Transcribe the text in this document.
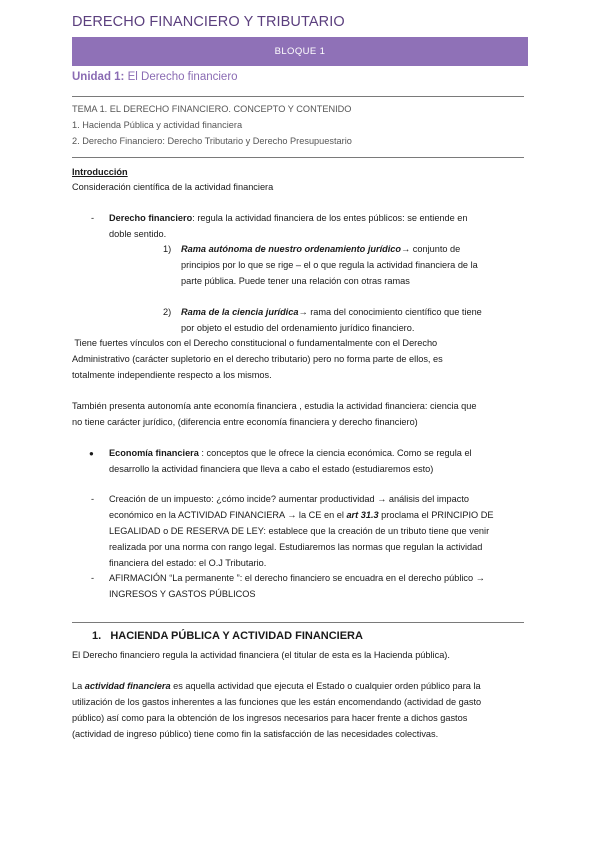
DERECHO FINANCIERO Y TRIBUTARIO
BLOQUE 1
Unidad 1: El Derecho financiero
TEMA 1. EL DERECHO FINANCIERO. CONCEPTO Y CONTENIDO
1. Hacienda Pública y actividad financiera
2. Derecho Financiero: Derecho Tributario y Derecho Presupuestario
Introducción
Consideración científica de la actividad financiera
- Derecho financiero: regula la actividad financiera de los entes públicos: se entiende en
doble sentido.
1) Rama autónoma de nuestro ordenamiento jurídico→ conjunto de
principios por lo que se rige – el o que regula la actividad financiera de la
parte pública. Puede tener una relación con otras ramas
2) Rama de la ciencia jurídica→ rama del conocimiento científico que tiene
por objeto el estudio del ordenamiento jurídico financiero.
Tiene fuertes vínculos con el Derecho constitucional o fundamentalmente con el Derecho
Administrativo (carácter supletorio en el derecho tributario) pero no forma parte de ellos, es
totalmente independiente respecto a los mismos.
También presenta autonomía ante economía financiera , estudia la actividad financiera: ciencia que
no tiene carácter jurídico, (diferencia entre economía financiera y derecho financiero)
● Economía financiera : conceptos que le ofrece la ciencia económica. Como se regula el
desarrollo la actividad financiera que lleva a cabo el estado (estudiaremos esto)
- Creación de un impuesto: ¿cómo incide? aumentar productividad → análisis del impacto
económico en la ACTIVIDAD FINANCIERA → la CE en el art 31.3 proclama el PRINCIPIO DE
LEGALIDAD o DE RESERVA DE LEY: establece que la creación de un tributo tiene que venir
realizada por una norma con rango legal. Estudiaremos las normas que regulan la actividad
financiera del estado: el O.J Tributario.
- AFIRMACIÓN “La permanente ”: el derecho financiero se encuadra en el derecho público →
INGRESOS Y GASTOS PÚBLICOS
1.   HACIENDA PÚBLICA Y ACTIVIDAD FINANCIERA
El Derecho financiero regula la actividad financiera (el titular de esta es la Hacienda pública).
La actividad financiera es aquella actividad que ejecuta el Estado o cualquier orden público para la
utilización de los gastos inherentes a las funciones que les están encomendando (actividad de gasto
público) así como para la obtención de los ingresos necesarios para hacer frente a dichos gastos
(actividad de ingreso público) tiene como fin la satisfacción de las necesidades colectivas.
